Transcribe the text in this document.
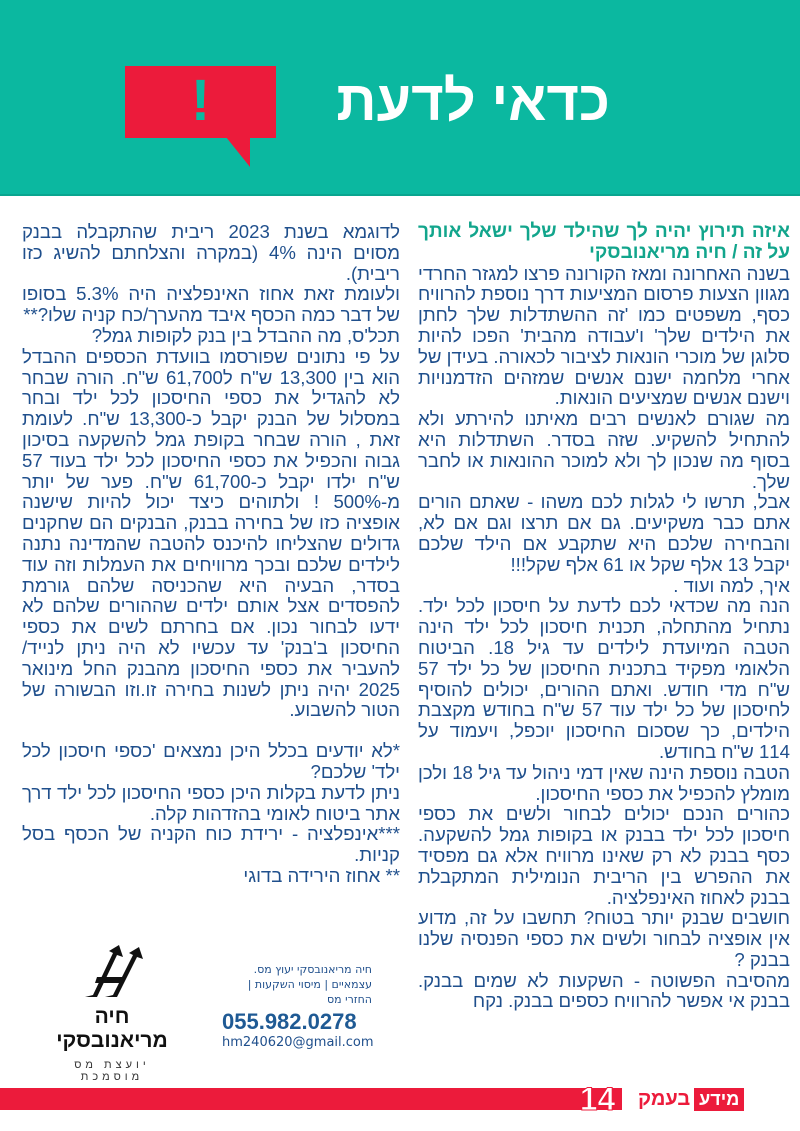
!	כדאי לדעת

איזה תירוץ יהיה לך שהילד שלך ישאל אותך על זה / חיה מריאנובסקי

בשנה האחרונה ומאז הקורונה פרצו למגזר החרדי מגוון הצעות פרסום המציעות דרך נוספת להרוויח כסף, משפטים כמו 'זה ההשתדלות שלך לחתן את הילדים שלך' ו'עבודה מהבית' הפכו להיות סלוגן של מוכרי הונאות לציבור לכאורה. בעידן של אחרי מלחמה ישנם אנשים שמזהים הזדמנויות וישנם אנשים שמציעים הונאות.

מה שגורם לאנשים רבים מאיתנו להירתע ולא להתחיל להשקיע. שזה בסדר. השתדלות היא בסוף מה שנכון לך ולא למוכר ההונאות או לחבר שלך.

אבל, תרשו לי לגלות לכם משהו - שאתם הורים אתם כבר משקיעים. גם אם תרצו וגם אם לא, והבחירה שלכם היא שתקבע אם הילד שלכם יקבל 13 אלף שקל או 61 אלף שקל!!!

איך, למה ועוד .

הנה מה שכדאי לכם לדעת על חיסכון לכל ילד. נתחיל מהתחלה, תכנית חיסכון לכל ילד הינה הטבה המיועדת לילדים עד גיל 18. הביטוח הלאומי מפקיד בתכנית החיסכון של כל ילד 57 ש"ח מדי חודש. ואתם ההורים, יכולים להוסיף לחיסכון של כל ילד עוד 57 ש"ח בחודש מקצבת הילדים, כך שסכום החיסכון יוכפל, ויעמוד על 114 ש"ח בחודש.

הטבה נוספת הינה שאין דמי ניהול עד גיל 18 ולכן מומלץ להכפיל את כספי החיסכון.

כהורים הנכם יכולים לבחור ולשים את כספי חיסכון לכל ילד בבנק או בקופות גמל להשקעה. כסף בבנק לא רק שאינו מרוויח אלא גם מפסיד את ההפרש בין הריבית הנומילית המתקבלת בבנק לאחוז האינפלציה.

חושבים שבנק יותר בטוח? תחשבו על זה, מדוע אין אופציה לבחור ולשים את כספי הפנסיה שלנו בבנק ?

מהסיבה הפשוטה - השקעות לא שמים בבנק. בבנק אי אפשר להרוויח כספים בבנק. נקח

לדוגמא בשנת 2023 ריבית שהתקבלה בבנק מסוים הינה 4% (במקרה והצלחתם להשיג כזו ריבית).

ולעומת זאת אחוז האינפלציה היה 5.3% בסופו של דבר כמה הכסף איבד מהערך/כח קניה שלו?**

תכל'ס, מה ההבדל בין בנק לקופות גמל?

על פי נתונים שפורסמו בוועדת הכספים ההבדל הוא בין 13,300 ש"ח ל61,700 ש"ח. הורה שבחר לא להגדיל את כספי החיסכון לכל ילד ובחר במסלול של הבנק יקבל כ-13,300 ש"ח. לעומת זאת , הורה שבחר בקופת גמל להשקעה בסיכון גבוה והכפיל את כספי החיסכון לכל ילד בעוד 57 ש"ח ילדו יקבל כ-61,700 ש"ח. פער של יותר מ-500% ! ולתוהים כיצד יכול להיות שישנה אופציה כזו של בחירה בבנק, הבנקים הם שחקנים גדולים שהצליחו להיכנס להטבה שהמדינה נתנה לילדים שלכם ובכך מרוויחים את העמלות וזה עוד בסדר, הבעיה היא שהכניסה שלהם גורמת להפסדים אצל אותם ילדים שההורים שלהם לא ידעו לבחור נכון. אם בחרתם לשים את כספי החיסכון ב'בנק' עד עכשיו לא היה ניתן לנייד/ להעביר את כספי החיסכון מהבנק החל מינואר 2025 יהיה ניתן לשנות בחירה זו.וזו הבשורה של הטור להשבוע.

*לא יודעים בכלל היכן נמצאים 'כספי חיסכון לכל ילד' שלכם?

ניתן לדעת בקלות היכן כספי החיסכון לכל ילד דרך אתר ביטוח לאומי בהזדהות קלה.

***אינפלציה - ירידת כוח הקניה של הכסף בסל קניות.

** אחוז הירידה בדוגי

חיה מריאנובסקי
יועצת מס מוסמכת
חיה מריאנובסקי יעוץ מס.
עצמאיים | מיסוי השקעות | החזרי מס
055.982.0278
hm240620@gmail.com
14	מידע
בעמק
